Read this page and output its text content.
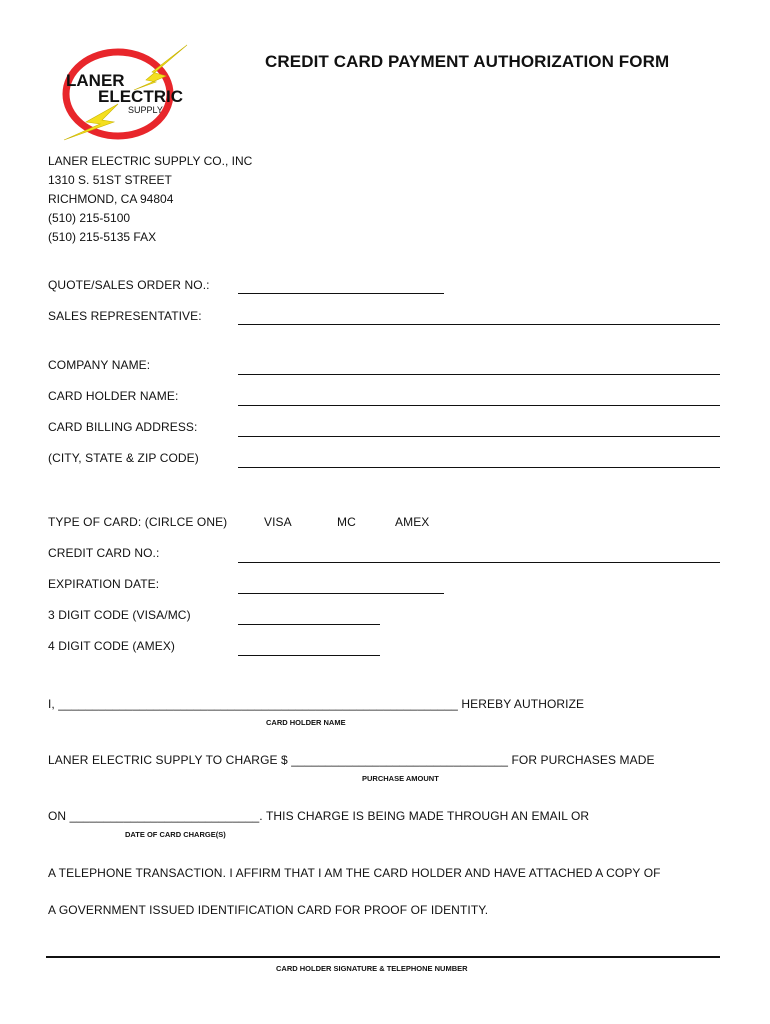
LANER
ELECTRIC
SUPPLY
CREDIT CARD PAYMENT AUTHORIZATION FORM
LANER ELECTRIC SUPPLY CO., INC
1310 S. 51ST STREET
RICHMOND, CA 94804
(510) 215-5100
(510) 215-5135 FAX
QUOTE/SALES ORDER NO.:
SALES REPRESENTATIVE:
COMPANY NAME:
CARD HOLDER NAME:
CARD BILLING ADDRESS:
(CITY, STATE & ZIP CODE)
TYPE OF CARD: (CIRLCE ONE)	VISA	MC	AMEX
CREDIT CARD NO.:
EXPIRATION DATE:
3 DIGIT CODE (VISA/MC)
4 DIGIT CODE (AMEX)
I, ___________________________________________________________ HEREBY AUTHORIZE
CARD HOLDER NAME
LANER ELECTRIC SUPPLY TO CHARGE $ ________________________________ FOR PURCHASES MADE
PURCHASE AMOUNT
ON ____________________________. THIS CHARGE IS BEING MADE THROUGH AN EMAIL OR
DATE OF CARD CHARGE(S)
A TELEPHONE TRANSACTION. I AFFIRM THAT I AM THE CARD HOLDER AND HAVE ATTACHED A COPY OF
A GOVERNMENT ISSUED IDENTIFICATION CARD FOR PROOF OF IDENTITY.
CARD HOLDER SIGNATURE & TELEPHONE NUMBER
